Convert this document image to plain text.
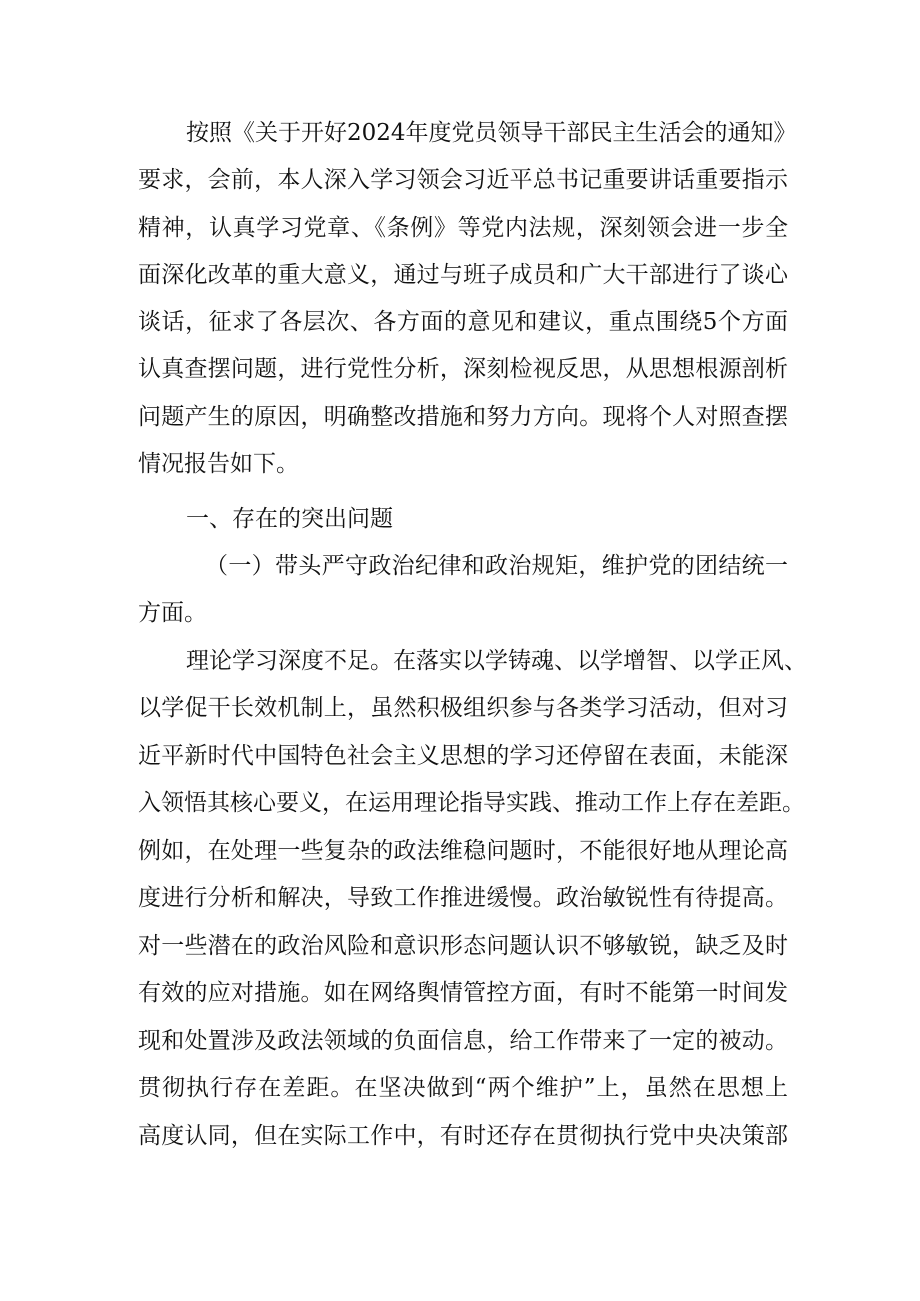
按照《关于开好2024年度党员领导干部民主生活会的通知》
要求，会前，本人深入学习领会习近平总书记重要讲话重要指示
精神，认真学习党章、《条例》等党内法规，深刻领会进一步全
面深化改革的重大意义，通过与班子成员和广大干部进行了谈心
谈话，征求了各层次、各方面的意见和建议，重点围绕5个方面
认真查摆问题，进行党性分析，深刻检视反思，从思想根源剖析
问题产生的原因，明确整改措施和努力方向。现将个人对照查摆
情况报告如下。
一、存在的突出问题
（一）带头严守政治纪律和政治规矩，维护党的团结统一
方面。
理论学习深度不足。在落实以学铸魂、以学增智、以学正风、
以学促干长效机制上，虽然积极组织参与各类学习活动，但对习
近平新时代中国特色社会主义思想的学习还停留在表面，未能深
入领悟其核心要义，在运用理论指导实践、推动工作上存在差距。
例如，在处理一些复杂的政法维稳问题时，不能很好地从理论高
度进行分析和解决，导致工作推进缓慢。政治敏锐性有待提高。
对一些潜在的政治风险和意识形态问题认识不够敏锐，缺乏及时
有效的应对措施。如在网络舆情管控方面，有时不能第一时间发
现和处置涉及政法领域的负面信息，给工作带来了一定的被动。
贯彻执行存在差距。在坚决做到“两个维护”上，虽然在思想上
高度认同，但在实际工作中，有时还存在贯彻执行党中央决策部
